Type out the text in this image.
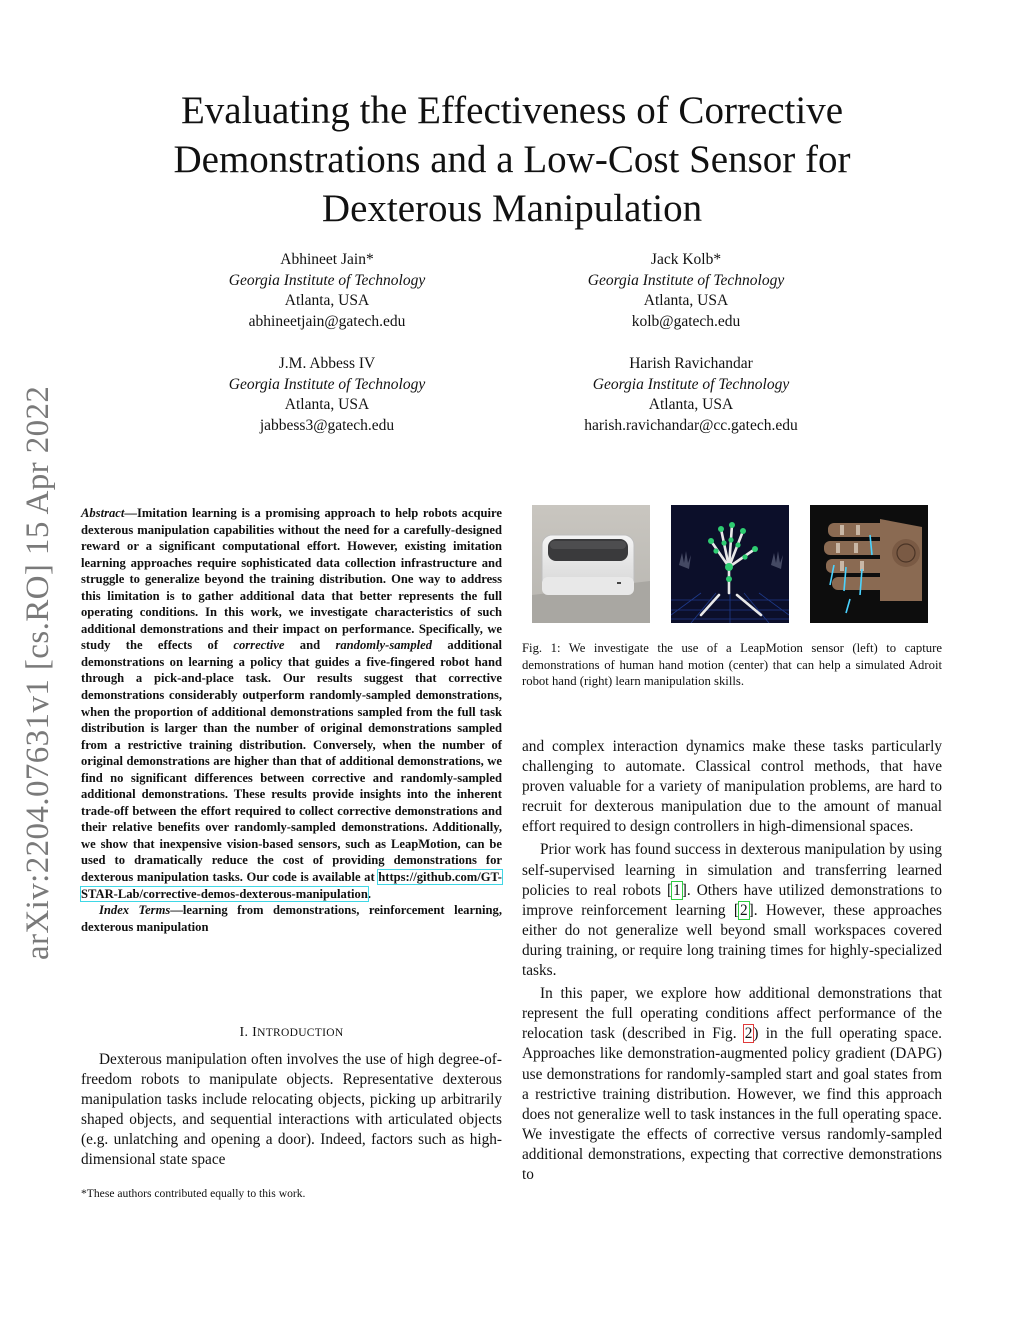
arXiv:2204.07631v1 [cs.RO] 15 Apr 2022
Evaluating the Effectiveness of Corrective Demonstrations and a Low-Cost Sensor for Dexterous Manipulation
Abhineet Jain*
Georgia Institute of Technology
Atlanta, USA
abhineetjain@gatech.edu
Jack Kolb*
Georgia Institute of Technology
Atlanta, USA
kolb@gatech.edu
J.M. Abbess IV
Georgia Institute of Technology
Atlanta, USA
jabbess3@gatech.edu
Harish Ravichandar
Georgia Institute of Technology
Atlanta, USA
harish.ravichandar@cc.gatech.edu
Abstract—Imitation learning is a promising approach to help robots acquire dexterous manipulation capabilities without the need for a carefully-designed reward or a significant computational effort. However, existing imitation learning approaches require sophisticated data collection infrastructure and struggle to generalize beyond the training distribution. One way to address this limitation is to gather additional data that better represents the full operating conditions. In this work, we investigate characteristics of such additional demonstrations and their impact on performance. Specifically, we study the effects of corrective and randomly-sampled additional demonstrations on learning a policy that guides a five-fingered robot hand through a pick-and-place task. Our results suggest that corrective demonstrations considerably outperform randomly-sampled demonstrations, when the proportion of additional demonstrations sampled from the full task distribution is larger than the number of original demonstrations sampled from a restrictive training distribution. Conversely, when the number of original demonstrations are higher than that of additional demonstrations, we find no significant differences between corrective and randomly-sampled additional demonstrations. These results provide insights into the inherent trade-off between the effort required to collect corrective demonstrations and their relative benefits over randomly-sampled demonstrations. Additionally, we show that inexpensive vision-based sensors, such as LeapMotion, can be used to dramatically reduce the cost of providing demonstrations for dexterous manipulation tasks. Our code is available at https://github.com/GT-STAR-Lab/corrective-demos-dexterous-manipulation.
Index Terms—learning from demonstrations, reinforcement learning, dexterous manipulation
I. INTRODUCTION

Dexterous manipulation often involves the use of high degree-of-freedom robots to manipulate objects. Representative dexterous manipulation tasks include relocating objects, picking up arbitrarily shaped objects, and sequential interactions with articulated objects (e.g. unlatching and opening a door). Indeed, factors such as high-dimensional state space

*These authors contributed equally to this work.
Fig. 1: We investigate the use of a LeapMotion sensor (left) to capture demonstrations of human hand motion (center) that can help a simulated Adroit robot hand (right) learn manipulation skills.

and complex interaction dynamics make these tasks particularly challenging to automate. Classical control methods, that have proven valuable for a variety of manipulation problems, are hard to recruit for dexterous manipulation due to the amount of manual effort required to design controllers in high-dimensional spaces.

Prior work has found success in dexterous manipulation by using self-supervised learning in simulation and transferring learned policies to real robots [1]. Others have utilized demonstrations to improve reinforcement learning [2]. However, these approaches either do not generalize well beyond small workspaces covered during training, or require long training times for highly-specialized tasks.

In this paper, we explore how additional demonstrations that represent the full operating conditions affect performance of the relocation task (described in Fig. 2) in the full operating space. Approaches like demonstration-augmented policy gradient (DAPG) use demonstrations for randomly-sampled start and goal states from a restrictive training distribution. However, we find this approach does not generalize well to task instances in the full operating space. We investigate the effects of corrective versus randomly-sampled additional demonstrations, expecting that corrective demonstrations to
